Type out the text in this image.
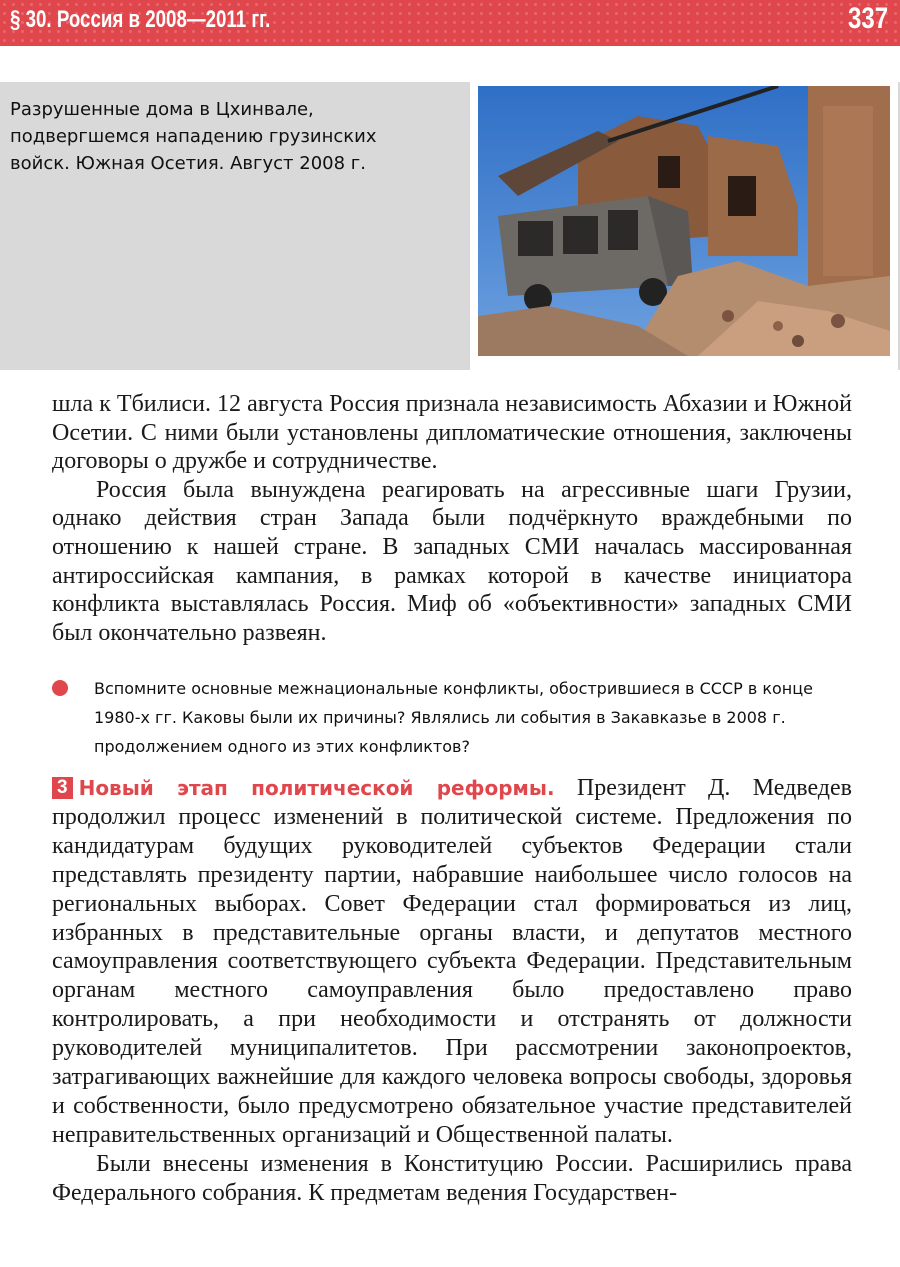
§ 30. Россия в 2008—2011 гг.	337
Разрушенные дома в Цхинвале, подвергшемся нападению грузинских войск. Южная Осетия. Август 2008 г.

шла к Тбилиси. 12 августа Россия признала независимость Абхазии и Южной Осетии. С ними были установлены дипломатические отношения, заключены договоры о дружбе и сотрудничестве.

Россия была вынуждена реагировать на агрессивные шаги Грузии, однако действия стран Запада были подчёркнуто враждебными по отношению к нашей стране. В западных СМИ началась массированная антироссийская кампания, в рамках которой в качестве инициатора конфликта выставлялась Россия. Миф об «объективности» западных СМИ был окончательно развеян.

Вспомните основные межнациональные конфликты, обострившиеся в СССР в конце 1980-х гг. Каковы были их причины? Являлись ли события в Закавказье в 2008 г. продолжением одного из этих конфликтов?

3 Новый этап политической реформы. Президент Д. Медведев продолжил процесс изменений в политической системе. Предложения по кандидатурам будущих руководителей субъектов Федерации стали представлять президенту партии, набравшие наибольшее число голосов на региональных выборах. Совет Федерации стал формироваться из лиц, избранных в представительные органы власти, и депутатов местного самоуправления соответствующего субъекта Федерации. Представительным органам местного самоуправления было предоставлено право контролировать, а при необходимости и отстранять от должности руководителей муниципалитетов. При рассмотрении законопроектов, затрагивающих важнейшие для каждого человека вопросы свободы, здоровья и собственности, было предусмотрено обязательное участие представителей неправительственных организаций и Общественной палаты.

Были внесены изменения в Конституцию России. Расширились права Федерального собрания. К предметам ведения Государствен-
